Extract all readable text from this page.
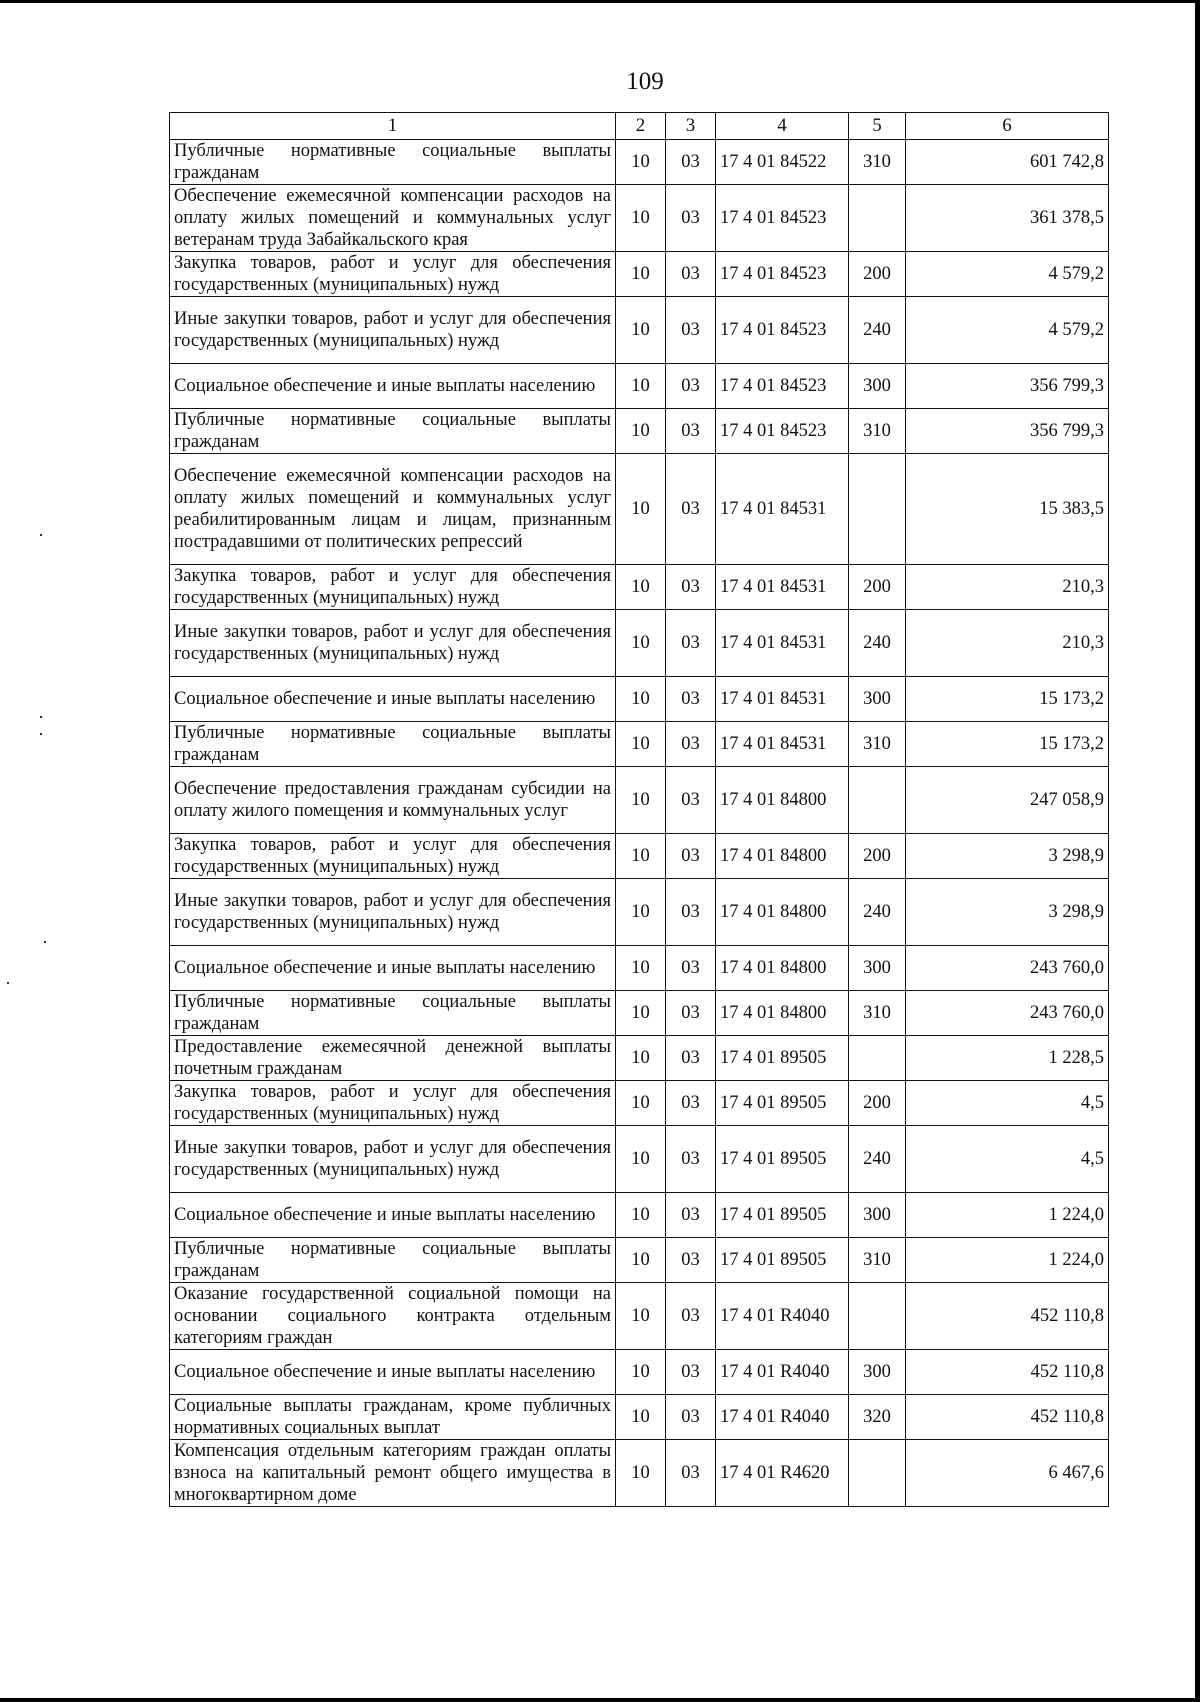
109
1	2	3	4	5	6
Публичные нормативные социальные выплаты гражданам	10	03	17 4 01 84522	310	601 742,8
Обеспечение ежемесячной компенсации расходов на оплату жилых помещений и коммунальных услуг ветеранам труда Забайкальского края	10	03	17 4 01 84523		361 378,5
Закупка товаров, работ и услуг для обеспечения государственных (муниципальных) нужд	10	03	17 4 01 84523	200	4 579,2
Иные закупки товаров, работ и услуг для обеспечения государственных (муниципальных) нужд	10	03	17 4 01 84523	240	4 579,2
Социальное обеспечение и иные выплаты населению	10	03	17 4 01 84523	300	356 799,3
Публичные нормативные социальные выплаты гражданам	10	03	17 4 01 84523	310	356 799,3
Обеспечение ежемесячной компенсации расходов на оплату жилых помещений и коммунальных услуг реабилитированным лицам и лицам, признанным пострадавшими от политических репрессий	10	03	17 4 01 84531		15 383,5
Закупка товаров, работ и услуг для обеспечения государственных (муниципальных) нужд	10	03	17 4 01 84531	200	210,3
Иные закупки товаров, работ и услуг для обеспечения государственных (муниципальных) нужд	10	03	17 4 01 84531	240	210,3
Социальное обеспечение и иные выплаты населению	10	03	17 4 01 84531	300	15 173,2
Публичные нормативные социальные выплаты гражданам	10	03	17 4 01 84531	310	15 173,2
Обеспечение предоставления гражданам субсидии на оплату жилого помещения и коммунальных услуг	10	03	17 4 01 84800		247 058,9
Закупка товаров, работ и услуг для обеспечения государственных (муниципальных) нужд	10	03	17 4 01 84800	200	3 298,9
Иные закупки товаров, работ и услуг для обеспечения государственных (муниципальных) нужд	10	03	17 4 01 84800	240	3 298,9
Социальное обеспечение и иные выплаты населению	10	03	17 4 01 84800	300	243 760,0
Публичные нормативные социальные выплаты гражданам	10	03	17 4 01 84800	310	243 760,0
Предоставление ежемесячной денежной выплаты почетным гражданам	10	03	17 4 01 89505		1 228,5
Закупка товаров, работ и услуг для обеспечения государственных (муниципальных) нужд	10	03	17 4 01 89505	200	4,5
Иные закупки товаров, работ и услуг для обеспечения государственных (муниципальных) нужд	10	03	17 4 01 89505	240	4,5
Социальное обеспечение и иные выплаты населению	10	03	17 4 01 89505	300	1 224,0
Публичные нормативные социальные выплаты гражданам	10	03	17 4 01 89505	310	1 224,0
Оказание государственной социальной помощи на основании социального контракта отдельным категориям граждан	10	03	17 4 01 R4040		452 110,8
Социальное обеспечение и иные выплаты населению	10	03	17 4 01 R4040	300	452 110,8
Социальные выплаты гражданам, кроме публичных нормативных социальных выплат	10	03	17 4 01 R4040	320	452 110,8
Компенсация отдельным категориям граждан оплаты взноса на капитальный ремонт общего имущества в многоквартирном доме	10	03	17 4 01 R4620		6 467,6
